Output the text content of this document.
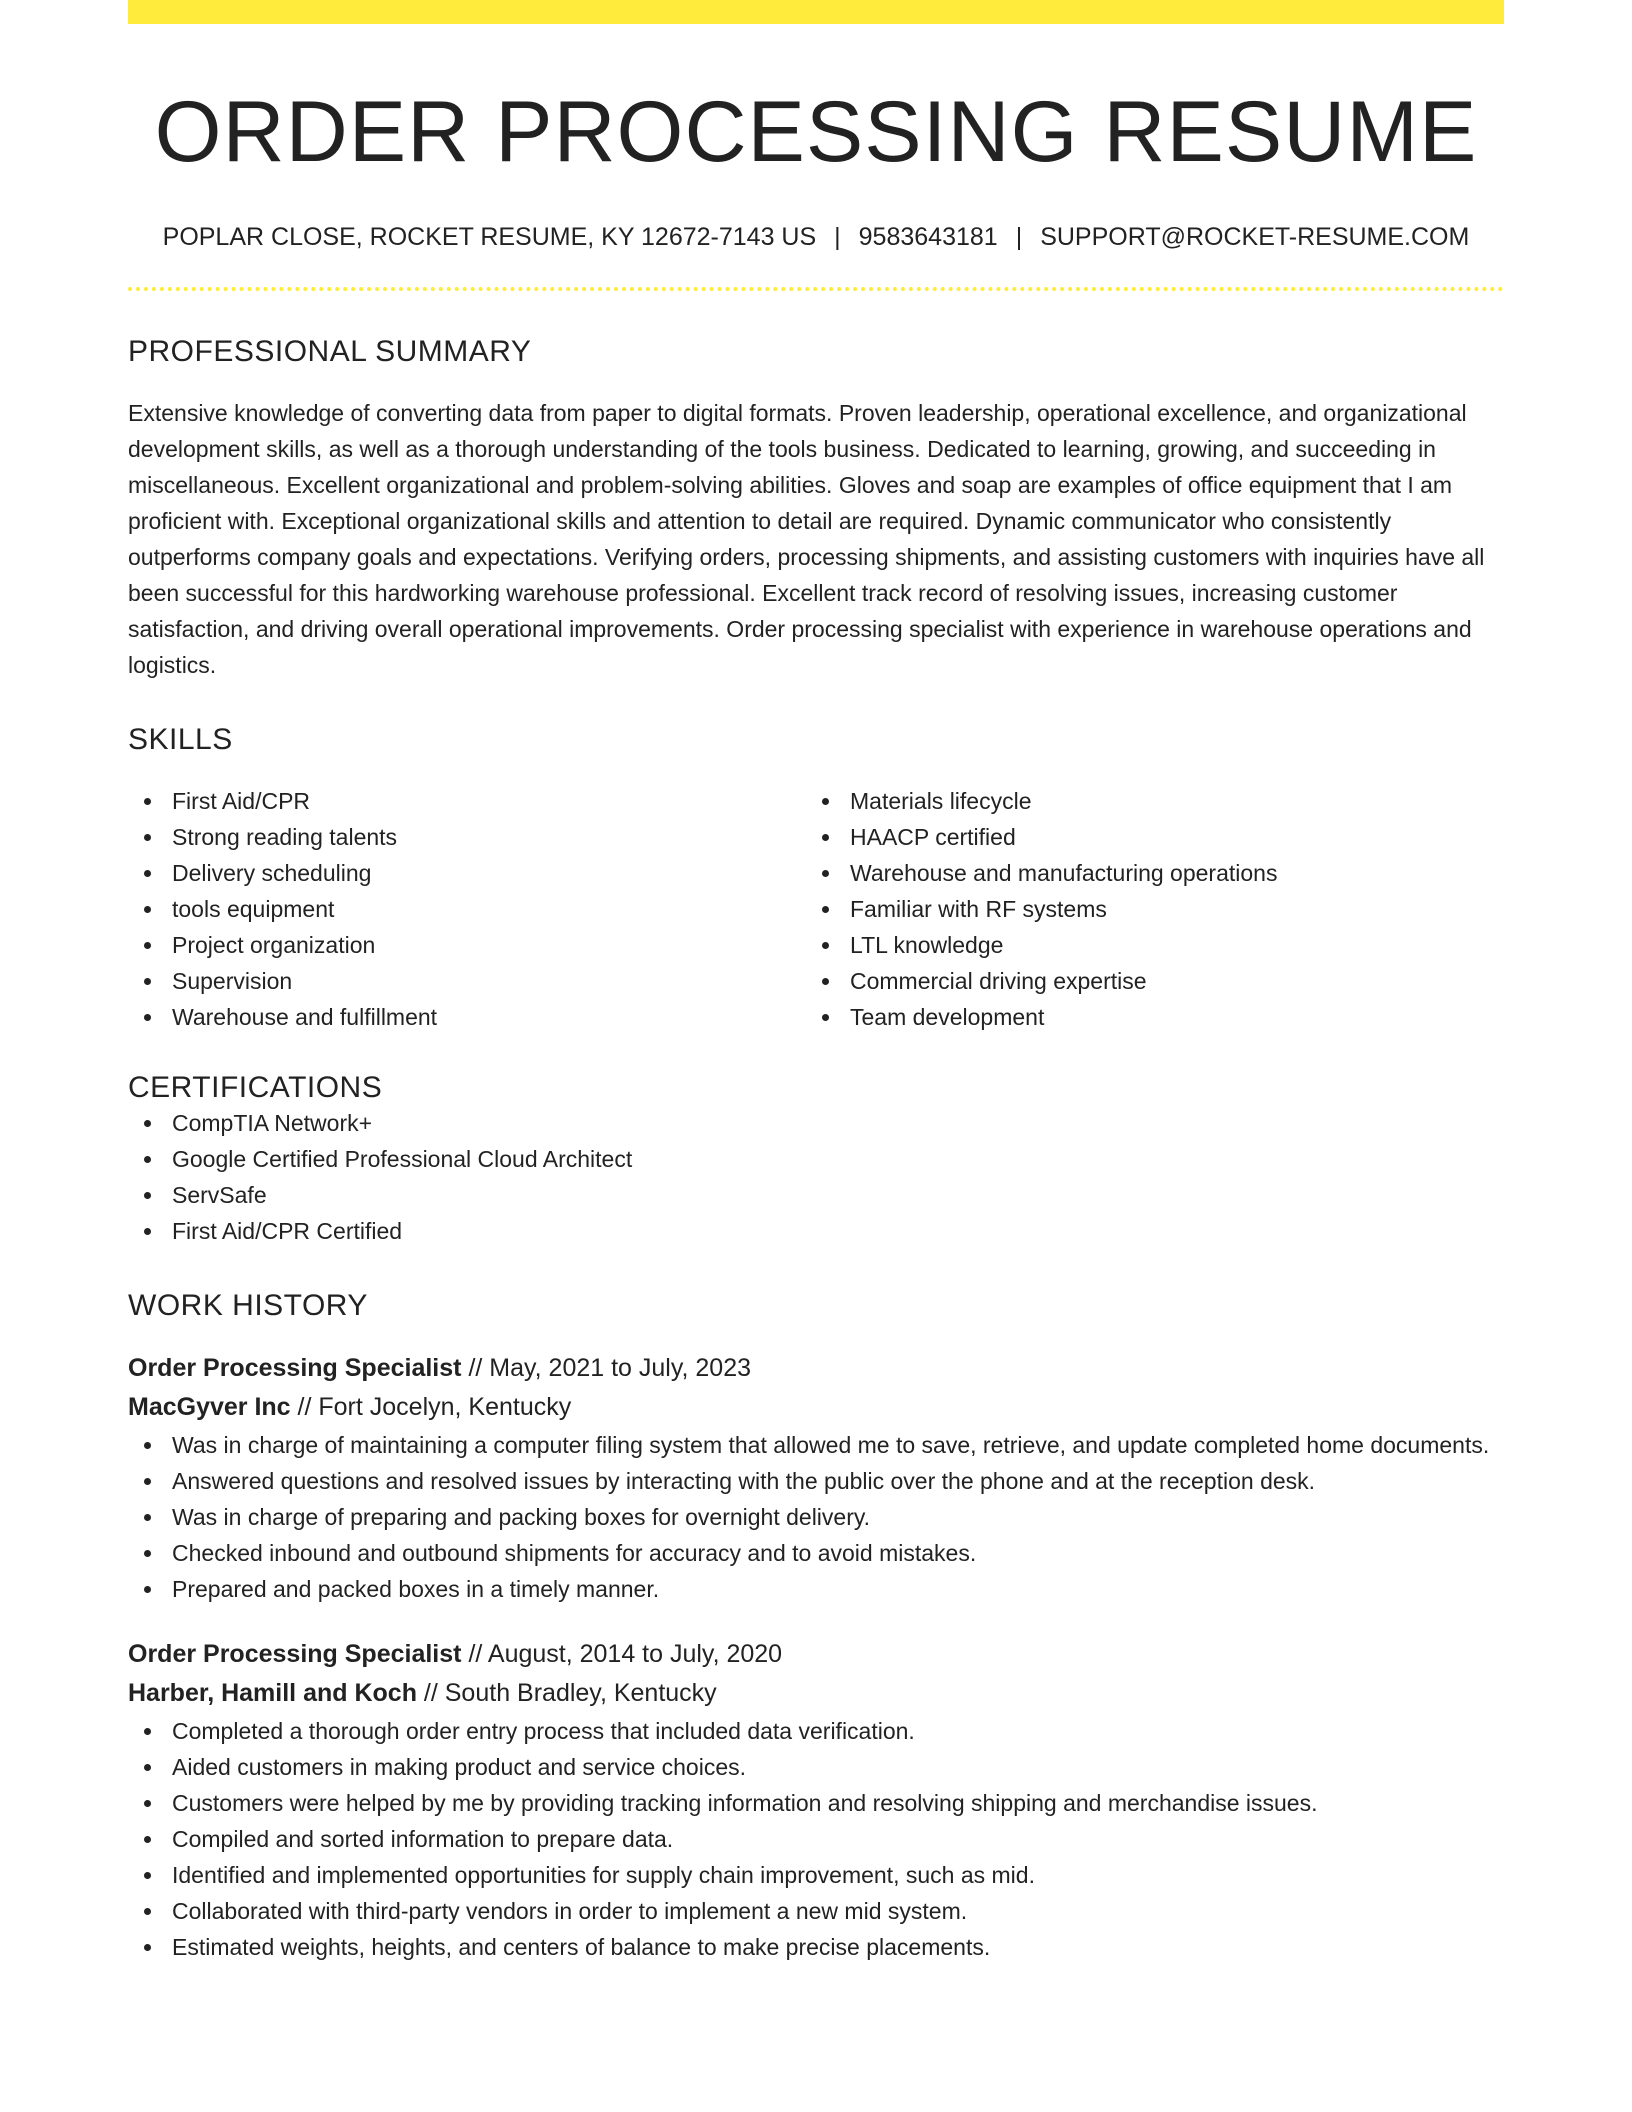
ORDER PROCESSING RESUME
POPLAR CLOSE, ROCKET RESUME, KY 12672-7143 US | 9583643181 | SUPPORT@ROCKET-RESUME.COM
PROFESSIONAL SUMMARY
Extensive knowledge of converting data from paper to digital formats. Proven leadership, operational excellence, and organizational development skills, as well as a thorough understanding of the tools business. Dedicated to learning, growing, and succeeding in miscellaneous. Excellent organizational and problem-solving abilities. Gloves and soap are examples of office equipment that I am proficient with. Exceptional organizational skills and attention to detail are required. Dynamic communicator who consistently outperforms company goals and expectations. Verifying orders, processing shipments, and assisting customers with inquiries have all been successful for this hardworking warehouse professional. Excellent track record of resolving issues, increasing customer satisfaction, and driving overall operational improvements. Order processing specialist with experience in warehouse operations and logistics.
SKILLS
First Aid/CPR
Strong reading talents
Delivery scheduling
tools equipment
Project organization
Supervision
Warehouse and fulfillment
Materials lifecycle
HAACP certified
Warehouse and manufacturing operations
Familiar with RF systems
LTL knowledge
Commercial driving expertise
Team development
CERTIFICATIONS
CompTIA Network+
Google Certified Professional Cloud Architect
ServSafe
First Aid/CPR Certified
WORK HISTORY
Order Processing Specialist // May, 2021 to July, 2023
MacGyver Inc // Fort Jocelyn, Kentucky
Was in charge of maintaining a computer filing system that allowed me to save, retrieve, and update completed home documents.
Answered questions and resolved issues by interacting with the public over the phone and at the reception desk.
Was in charge of preparing and packing boxes for overnight delivery.
Checked inbound and outbound shipments for accuracy and to avoid mistakes.
Prepared and packed boxes in a timely manner.
Order Processing Specialist // August, 2014 to July, 2020
Harber, Hamill and Koch // South Bradley, Kentucky
Completed a thorough order entry process that included data verification.
Aided customers in making product and service choices.
Customers were helped by me by providing tracking information and resolving shipping and merchandise issues.
Compiled and sorted information to prepare data.
Identified and implemented opportunities for supply chain improvement, such as mid.
Collaborated with third-party vendors in order to implement a new mid system.
Estimated weights, heights, and centers of balance to make precise placements.
